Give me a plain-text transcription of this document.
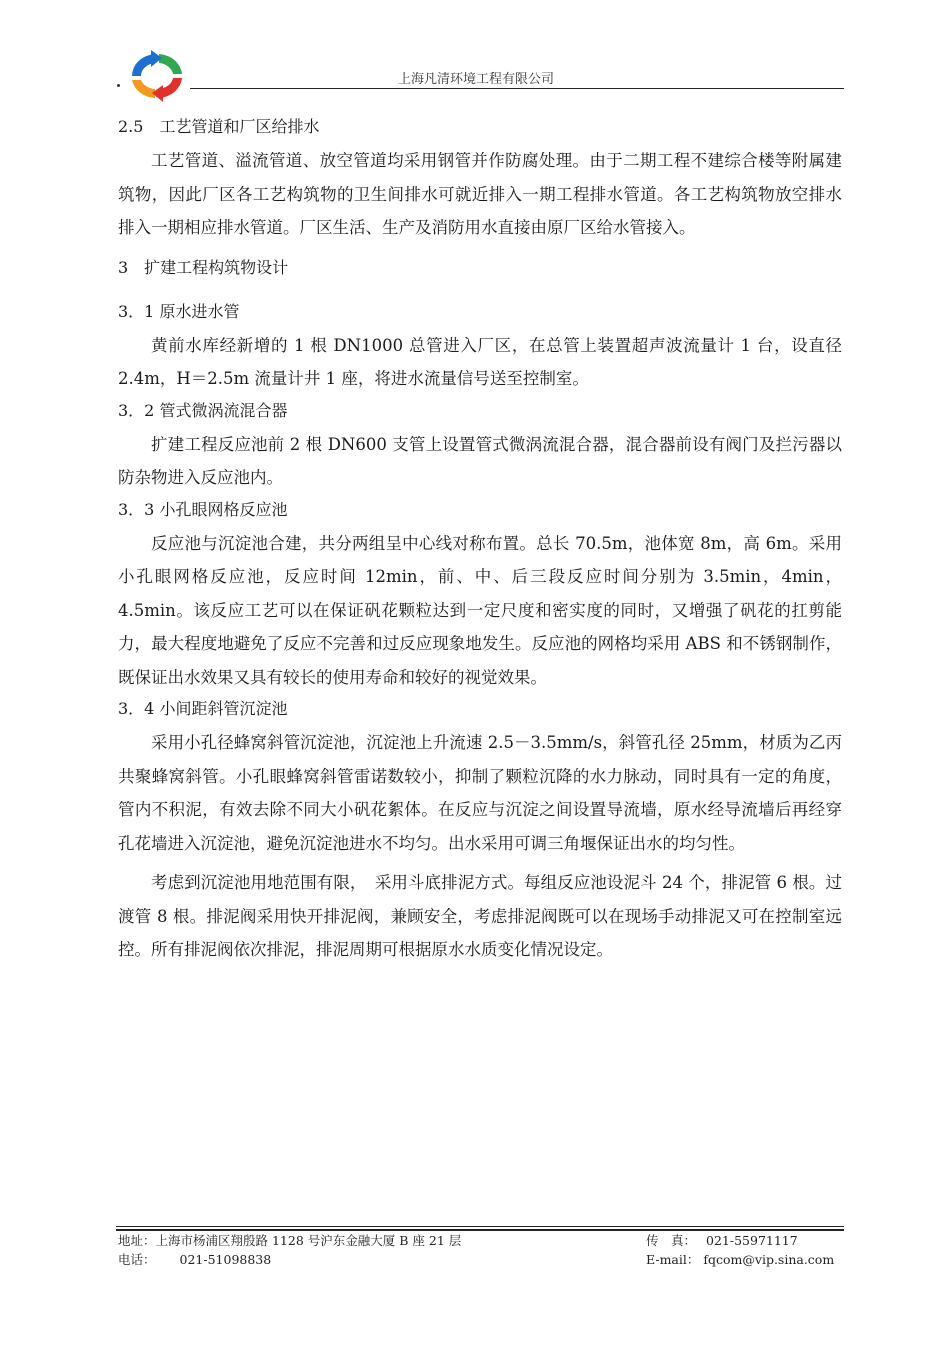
上海凡清环境工程有限公司

2.5　工艺管道和厂区给排水

工艺管道、溢流管道、放空管道均采用钢管并作防腐处理。由于二期工程不建综合楼等附属建筑物，因此厂区各工艺构筑物的卫生间排水可就近排入一期工程排水管道。各工艺构筑物放空排水排入一期相应排水管道。厂区生活、生产及消防用水直接由原厂区给水管接入。

3　扩建工程构筑物设计

3．1 原水进水管

黄前水库经新增的 1 根 DN1000 总管进入厂区，在总管上装置超声波流量计 1 台，设直径 2.4m，H＝2.5m 流量计井 1 座，将进水流量信号送至控制室。

3．2 管式微涡流混合器

扩建工程反应池前 2 根 DN600 支管上设置管式微涡流混合器，混合器前设有阀门及拦污器以防杂物进入反应池内。

3．3 小孔眼网格反应池

反应池与沉淀池合建，共分两组呈中心线对称布置。总长 70.5m，池体宽 8m，高 6m。采用小孔眼网格反应池，反应时间 12min，前、中、后三段反应时间分别为 3.5min，4min，4.5min。该反应工艺可以在保证矾花颗粒达到一定尺度和密实度的同时，又增强了矾花的扛剪能力，最大程度地避免了反应不完善和过反应现象地发生。反应池的网格均采用 ABS 和不锈钢制作，既保证出水效果又具有较长的使用寿命和较好的视觉效果。

3．4 小间距斜管沉淀池

采用小孔径蜂窝斜管沉淀池，沉淀池上升流速 2.5－3.5mm/s，斜管孔径 25mm，材质为乙丙共聚蜂窝斜管。小孔眼蜂窝斜管雷诺数较小，抑制了颗粒沉降的水力脉动，同时具有一定的角度，管内不积泥，有效去除不同大小矾花絮体。在反应与沉淀之间设置导流墙，原水经导流墙后再经穿孔花墙进入沉淀池，避免沉淀池进水不均匀。出水采用可调三角堰保证出水的均匀性。

考虑到沉淀池用地范围有限，　采用斗底排泥方式。每组反应池设泥斗 24 个，排泥管 6 根。过渡管 8 根。排泥阀采用快开排泥阀，兼顾安全，考虑排泥阀既可以在现场手动排泥又可在控制室远控。所有排泥阀依次排泥，排泥周期可根据原水水质变化情况设定。

地址：上海市杨浦区翔殷路 1128 号沪东金融大厦 B 座 21 层	传　真： 021-55971117
电话： 021-51098838	E-mail： fqcom@vip.sina.com
